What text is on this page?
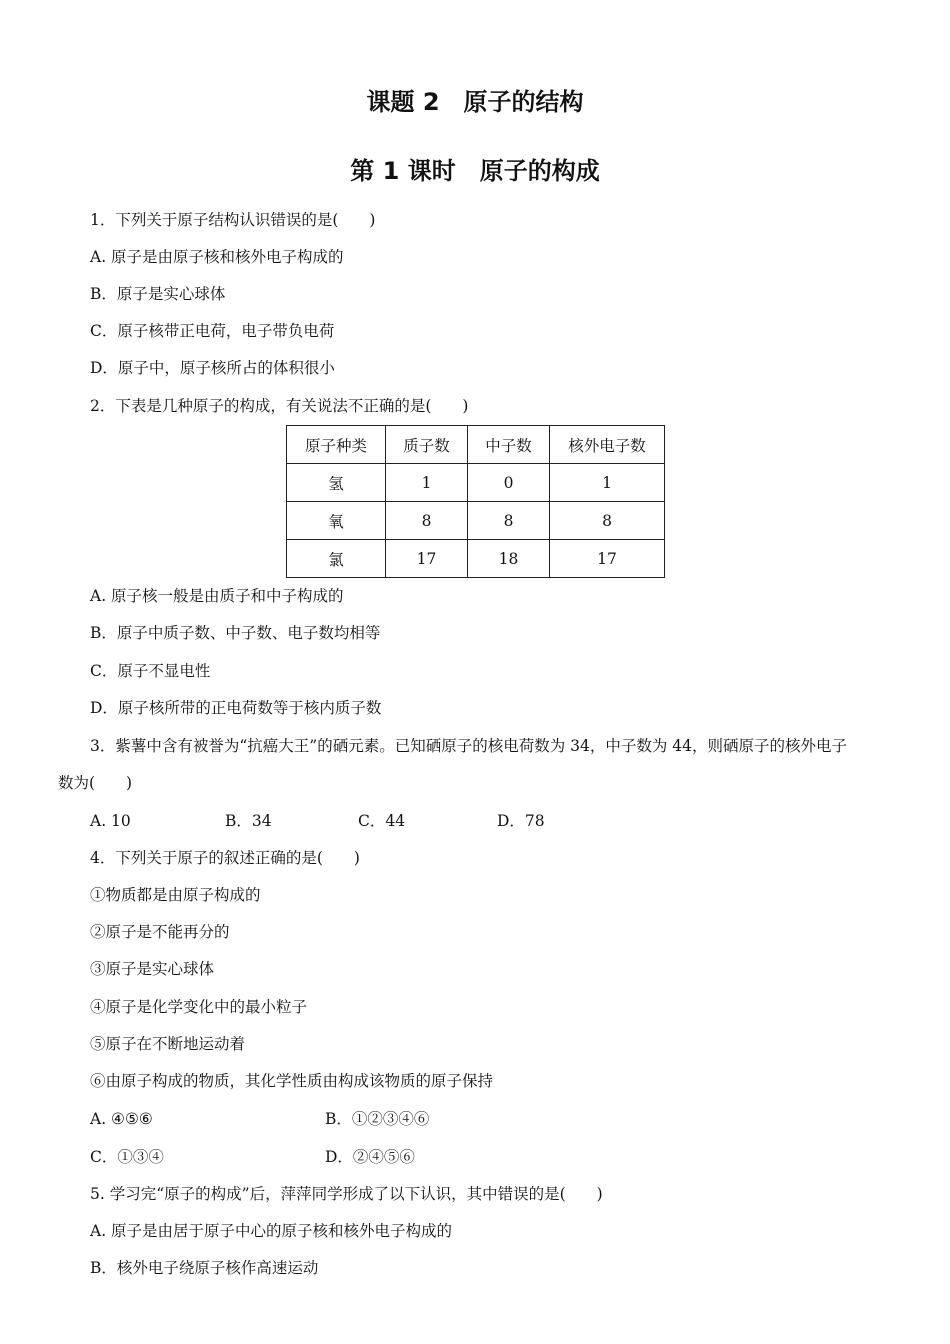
课题 2　原子的结构
第 1 课时　原子的构成
1．下列关于原子结构认识错误的是(　　)
A. 原子是由原子核和核外电子构成的
B．原子是实心球体
C．原子核带正电荷，电子带负电荷
D．原子中，原子核所占的体积很小
2．下表是几种原子的构成，有关说法不正确的是(　　)
原子种类	质子数	中子数	核外电子数
氢	1	0	1
氧	8	8	8
氯	17	18	17
A. 原子核一般是由质子和中子构成的
B．原子中质子数、中子数、电子数均相等
C．原子不显电性
D．原子核所带的正电荷数等于核内质子数
3．紫薯中含有被誉为“抗癌大王”的硒元素。已知硒原子的核电荷数为 34，中子数为 44，则硒原子的核外电子
数为(　　)
A. 10	B．34	C．44	D．78
4．下列关于原子的叙述正确的是(　　)
①物质都是由原子构成的
②原子是不能再分的
③原子是实心球体
④原子是化学变化中的最小粒子
⑤原子在不断地运动着
⑥由原子构成的物质，其化学性质由构成该物质的原子保持
A. ④⑤⑥	B．①②③④⑥
C．①③④	D．②④⑤⑥
5. 学习完“原子的构成”后，萍萍同学形成了以下认识，其中错误的是(　　)
A. 原子是由居于原子中心的原子核和核外电子构成的
B．核外电子绕原子核作高速运动
